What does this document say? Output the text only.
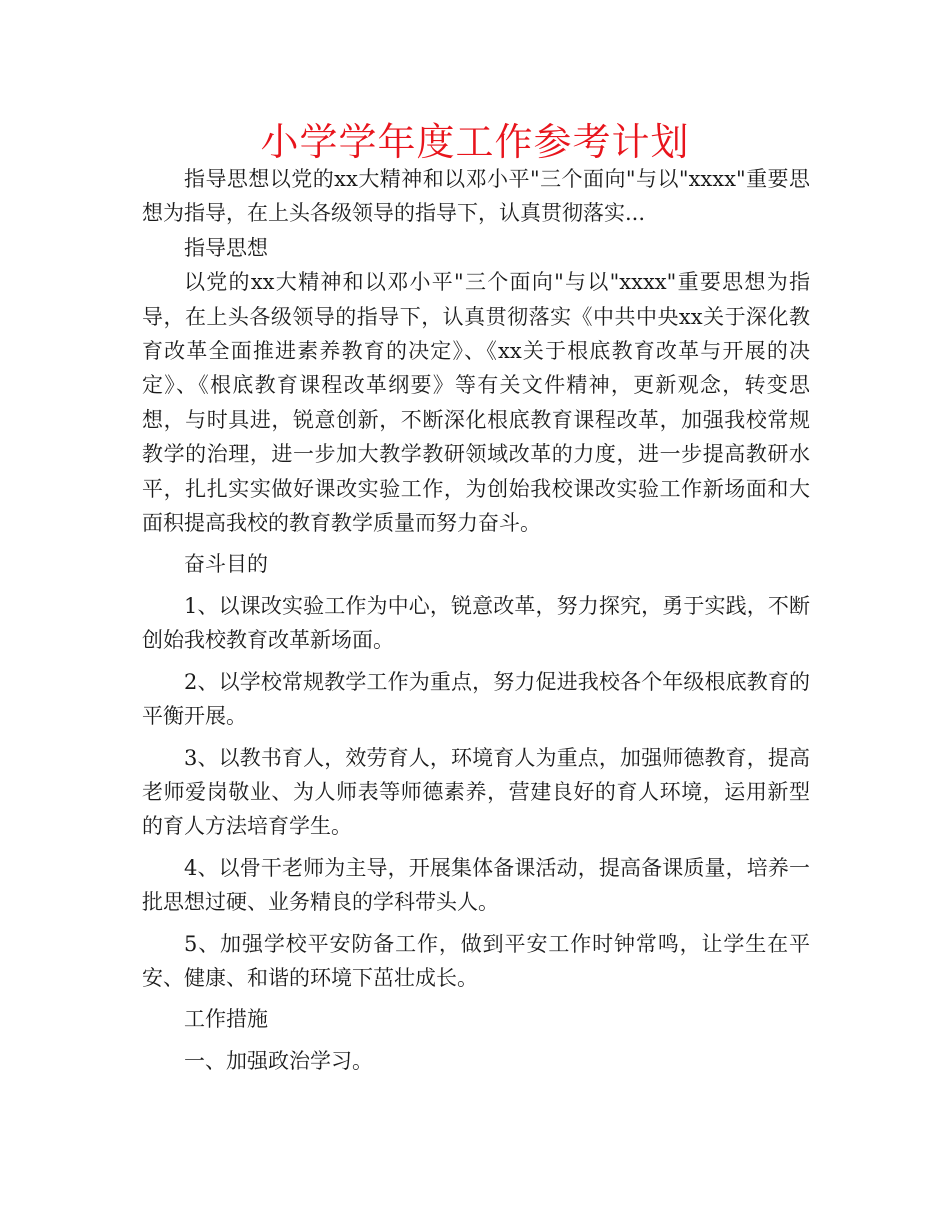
小学学年度工作参考计划

指导思想以党的xx大精神和以邓小平"三个面向"与以"xxxx"重要思想为指导，在上头各级领导的指导下，认真贯彻落实...

指导思想

以党的xx大精神和以邓小平"三个面向"与以"xxxx"重要思想为指导，在上头各级领导的指导下，认真贯彻落实《中共中央xx关于深化教育改革全面推进素养教育的决定》、《xx关于根底教育改革与开展的决定》、《根底教育课程改革纲要》等有关文件精神，更新观念，转变思想，与时具进，锐意创新，不断深化根底教育课程改革，加强我校常规教学的治理，进一步加大教学教研领域改革的力度，进一步提高教研水平，扎扎实实做好课改实验工作，为创始我校课改实验工作新场面和大面积提高我校的教育教学质量而努力奋斗。

奋斗目的

1、以课改实验工作为中心，锐意改革，努力探究，勇于实践，不断创始我校教育改革新场面。

2、以学校常规教学工作为重点，努力促进我校各个年级根底教育的平衡开展。

3、以教书育人，效劳育人，环境育人为重点，加强师德教育，提高老师爱岗敬业、为人师表等师德素养，营建良好的育人环境，运用新型的育人方法培育学生。

4、以骨干老师为主导，开展集体备课活动，提高备课质量，培养一批思想过硬、业务精良的学科带头人。

5、加强学校平安防备工作，做到平安工作时钟常鸣，让学生在平安、健康、和谐的环境下茁壮成长。

工作措施

一、加强政治学习。
